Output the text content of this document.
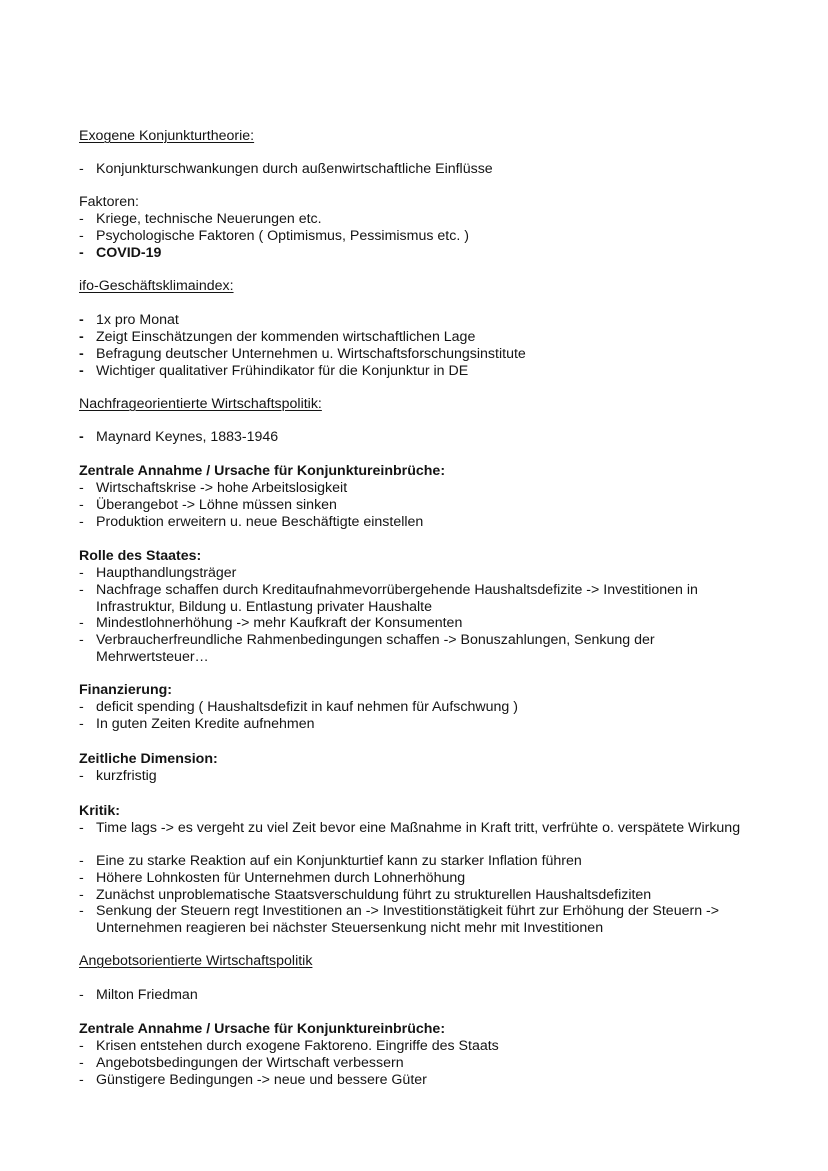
Exogene Konjunkturtheorie:
- Konjunkturschwankungen durch außenwirtschaftliche Einflüsse
Faktoren:
- Kriege, technische Neuerungen etc.
- Psychologische Faktoren ( Optimismus, Pessimismus etc. )
- COVID-19
ifo-Geschäftsklimaindex:
- 1x pro Monat
- Zeigt Einschätzungen der kommenden wirtschaftlichen Lage
- Befragung deutscher Unternehmen u. Wirtschaftsforschungsinstitute
- Wichtiger qualitativer Frühindikator für die Konjunktur in DE
Nachfrageorientierte Wirtschaftspolitik:
- Maynard Keynes, 1883-1946
Zentrale Annahme / Ursache für Konjunktureinbrüche:
- Wirtschaftskrise -> hohe Arbeitslosigkeit
- Überangebot -> Löhne müssen sinken
- Produktion erweitern u. neue Beschäftigte einstellen
Rolle des Staates:
- Haupthandlungsträger
- Nachfrage schaffen durch Kreditaufnahmevorrübergehende Haushaltsdefizite -> Investitionen in Infrastruktur, Bildung u. Entlastung privater Haushalte
- Mindestlohnerhöhung -> mehr Kaufkraft der Konsumenten
- Verbraucherfreundliche Rahmenbedingungen schaffen -> Bonuszahlungen, Senkung der Mehrwertsteuer…
Finanzierung:
- deficit spending ( Haushaltsdefizit in kauf nehmen für Aufschwung )
- In guten Zeiten Kredite aufnehmen
Zeitliche Dimension:
- kurzfristig
Kritik:
- Time lags -> es vergeht zu viel Zeit bevor eine Maßnahme in Kraft tritt, verfrühte o. verspätete Wirkung
- Eine zu starke Reaktion auf ein Konjunkturtief kann zu starker Inflation führen
- Höhere Lohnkosten für Unternehmen durch Lohnerhöhung
- Zunächst unproblematische Staatsverschuldung führt zu strukturellen Haushaltsdefiziten
- Senkung der Steuern regt Investitionen an -> Investitionstätigkeit führt zur Erhöhung der Steuern -> Unternehmen reagieren bei nächster Steuersenkung nicht mehr mit Investitionen
Angebotsorientierte Wirtschaftspolitik
- Milton Friedman
Zentrale Annahme / Ursache für Konjunktureinbrüche:
- Krisen entstehen durch exogene Faktoreno. Eingriffe des Staats
- Angebotsbedingungen der Wirtschaft verbessern
- Günstigere Bedingungen -> neue und bessere Güter
